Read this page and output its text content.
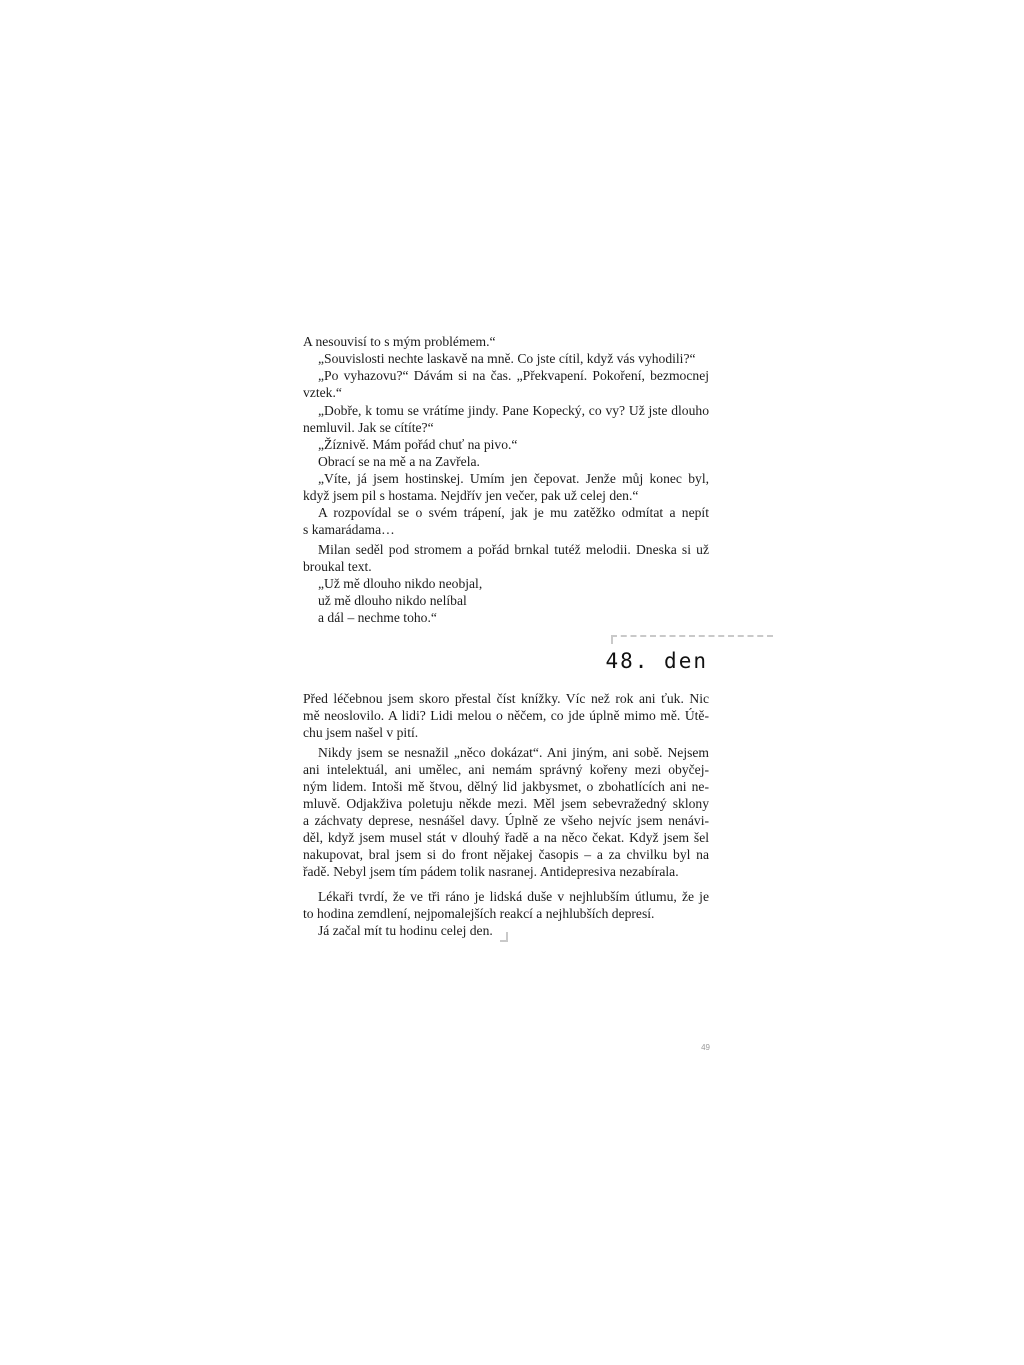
A nesouvisí to s mým problémem.“
„Souvislosti nechte laskavě na mně. Co jste cítil, když vás vyhodili?“
„Po vyhazovu?“ Dávám si na čas. „Překvapení. Pokoření, bezmocnej
vztek.“
„Dobře, k tomu se vrátíme jindy. Pane Kopecký, co vy? Už jste dlouho
nemluvil. Jak se cítíte?“
„Žíznivě. Mám pořád chuť na pivo.“
Obrací se na mě a na Zavřela.
„Víte, já jsem hostinskej. Umím jen čepovat. Jenže můj konec byl,
když jsem pil s hostama. Nejdřív jen večer, pak už celej den.“
A rozpovídal se o svém trápení, jak je mu zatěžko odmítat a nepít
s kamarádama…
Milan seděl pod stromem a pořád brnkal tutéž melodii. Dneska si už
broukal text.
„Už mě dlouho nikdo neobjal,
už mě dlouho nikdo nelíbal
a dál – nechme toho.“
48. den
Před léčebnou jsem skoro přestal číst knížky. Víc než rok ani ťuk. Nic
mě neoslovilo. A lidi? Lidi melou o něčem, co jde úplně mimo mě. Útě-
chu jsem našel v pití.
Nikdy jsem se nesnažil „něco dokázat“. Ani jiným, ani sobě. Nejsem
ani intelektuál, ani umělec, ani nemám správný kořeny mezi obyčej-
ným lidem. Intoši mě štvou, dělný lid jakbysmet, o zbohatlících ani ne-
mluvě. Odjakživa poletuju někde mezi. Měl jsem sebevražedný sklony
a záchvaty deprese, nesnášel davy. Úplně ze všeho nejvíc jsem nenávi-
děl, když jsem musel stát v dlouhý řadě a na něco čekat. Když jsem šel
nakupovat, bral jsem si do front nějakej časopis – a za chvilku byl na
řadě. Nebyl jsem tím pádem tolik nasranej. Antidepresiva nezabírala.
Lékaři tvrdí, že ve tři ráno je lidská duše v nejhlubším útlumu, že je
to hodina zemdlení, nejpomalejších reakcí a nejhlubších depresí.
Já začal mít tu hodinu celej den.
49
